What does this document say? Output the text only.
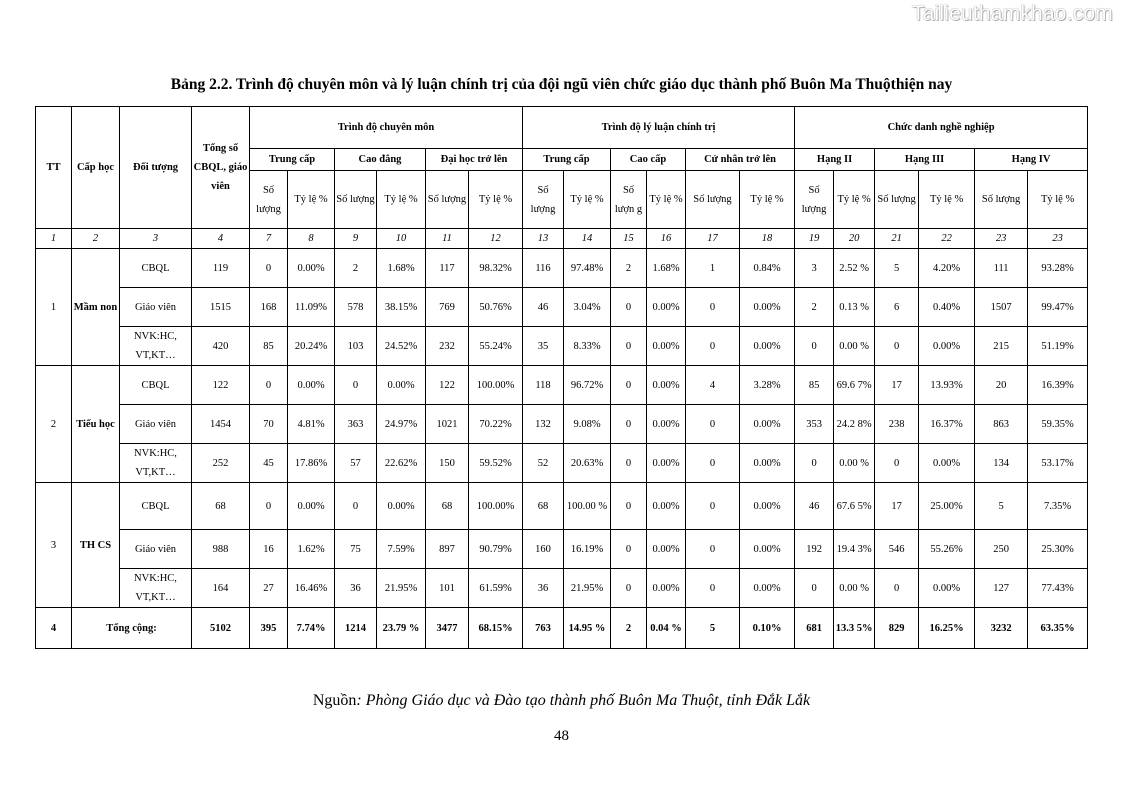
Tailieuthamkhao.com
Bảng 2.2. Trình độ chuyên môn và lý luận chính trị của đội ngũ viên chức giáo dục thành phố Buôn Ma Thuộthiện nay
TT	Cấp học	Đối tượng	Tổng số CBQL, giáo viên	Trình độ chuyên môn						Trình độ lý luận chính trị						Chức danh nghề nghiệp					
				Trung cấp		Cao đẳng		Đại học trở lên		Trung cấp		Cao cấp		Cử nhân trở lên		Hạng II		Hạng III		Hạng IV	
				Số lượng	Tỷ lệ %	Số lượng	Tỷ lệ %	Số lượng	Tỷ lệ %	Số lượng	Tỷ lệ %	Số lượn g	Tỷ lệ %	Số lượng	Tỷ lệ %	Số lượng	Tỷ lệ %	Số lượng	Tỷ lệ %	Số lượng	Tỷ lệ %
1	2	3	4	7	8	9	10	11	12	13	14	15	16	17	18	19	20	21	22	23	23
1	Mầm non	CBQL	119	0	0.00%	2	1.68%	117	98.32%	116	97.48%	2	1.68%	1	0.84%	3	2.52 %	5	4.20%	111	93.28%
		Giáo viên	1515	168	11.09%	578	38.15%	769	50.76%	46	3.04%	0	0.00%	0	0.00%	2	0.13 %	6	0.40%	1507	99.47%
		NVK:HC, VT,KT…	420	85	20.24%	103	24.52%	232	55.24%	35	8.33%	0	0.00%	0	0.00%	0	0.00 %	0	0.00%	215	51.19%
2	Tiểu học	CBQL	122	0	0.00%	0	0.00%	122	100.00%	118	96.72%	0	0.00%	4	3.28%	85	69.6 7%	17	13.93%	20	16.39%
		Giáo viên	1454	70	4.81%	363	24.97%	1021	70.22%	132	9.08%	0	0.00%	0	0.00%	353	24.2 8%	238	16.37%	863	59.35%
		NVK:HC, VT,KT…	252	45	17.86%	57	22.62%	150	59.52%	52	20.63%	0	0.00%	0	0.00%	0	0.00 %	0	0.00%	134	53.17%
3	TH CS	CBQL	68	0	0.00%	0	0.00%	68	100.00%	68	100.00 %	0	0.00%	0	0.00%	46	67.6 5%	17	25.00%	5	7.35%
		Giáo viên	988	16	1.62%	75	7.59%	897	90.79%	160	16.19%	0	0.00%	0	0.00%	192	19.4 3%	546	55.26%	250	25.30%
		NVK:HC, VT,KT…	164	27	16.46%	36	21.95%	101	61.59%	36	21.95%	0	0.00%	0	0.00%	0	0.00 %	0	0.00%	127	77.43%
4	Tổng cộng:		5102	395	7.74%	1214	23.79 %	3477	68.15%	763	14.95 %	2	0.04 %	5	0.10%	681	13.3 5%	829	16.25%	3232	63.35%
Nguồn: Phòng Giáo dục và Đào tạo thành phố Buôn Ma Thuột, tỉnh Đắk Lắk
48
